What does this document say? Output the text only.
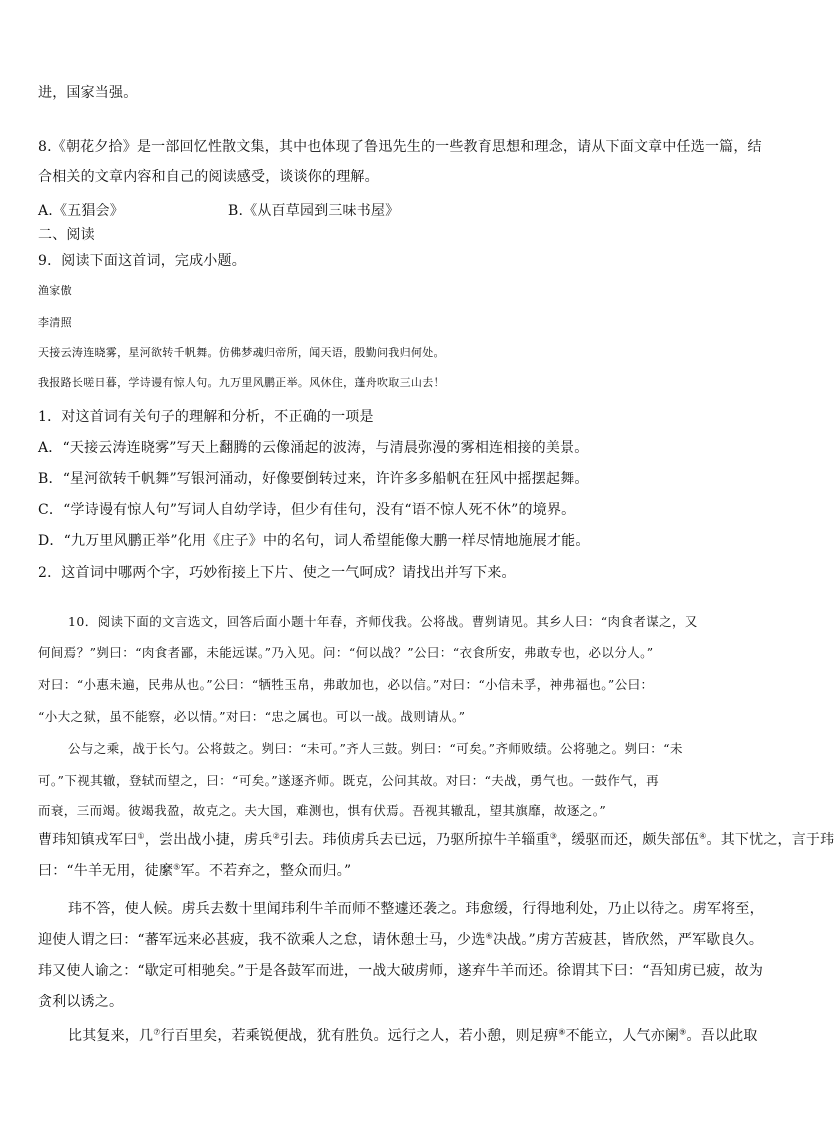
进，国家当强。
8.《朝花夕拾》是一部回忆性散文集，其中也体现了鲁迅先生的一些教育思想和理念，请从下面文章中任选一篇，结
合相关的文章内容和自己的阅读感受，谈谈你的理解。
A.《五猖会》	B.《从百草园到三味书屋》
二、阅读
9．阅读下面这首词，完成小题。
渔家傲
李清照
天接云涛连晓雾，星河欲转千帆舞。仿佛梦魂归帝所，闻天语，殷勤问我归何处。
我报路长嗟日暮，学诗谩有惊人句。九万里风鹏正举。风休住，蓬舟吹取三山去！
1．对这首词有关句子的理解和分析，不正确的一项是
A．“天接云涛连晓雾”写天上翻腾的云像涌起的波涛，与清晨弥漫的雾相连相接的美景。
B．“星河欲转千帆舞”写银河涌动，好像要倒转过来，许许多多船帆在狂风中摇摆起舞。
C．“学诗谩有惊人句”写词人自幼学诗，但少有佳句，没有“语不惊人死不休”的境界。
D．“九万里风鹏正举”化用《庄子》中的名句，词人希望能像大鹏一样尽情地施展才能。
2．这首词中哪两个字，巧妙衔接上下片、使之一气呵成？请找出并写下来。
10．阅读下面的文言选文，回答后面小题十年春，齐师伐我。公将战。曹刿请见。其乡人曰：“肉食者谋之，又
何间焉？”刿曰：“肉食者鄙，未能远谋。”乃入见。问：“何以战？”公曰：“衣食所安，弗敢专也，必以分人。”
对曰：“小惠未遍，民弗从也。”公曰：“牺牲玉帛，弗敢加也，必以信。”对曰：“小信未孚，神弗福也。”公曰：
“小大之狱，虽不能察，必以情。”对曰：“忠之属也。可以一战。战则请从。”
公与之乘，战于长勺。公将鼓之。刿曰：“未可。”齐人三鼓。刿曰：“可矣。”齐师败绩。公将驰之。刿曰：“未
可。”下视其辙，登轼而望之，曰：“可矣。”遂逐齐师。既克，公问其故。对曰：“夫战，勇气也。一鼓作气，再
而衰，三而竭。彼竭我盈，故克之。夫大国，难测也，惧有伏焉。吾视其辙乱，望其旗靡，故逐之。”
曹玮知镇戎军曰①，尝出战小捷，虏兵②引去。玮侦虏兵去已远，乃驱所掠牛羊辎重③，缓驱而还，颇失部伍④。其下忧之，言于玮
曰：“牛羊无用，徒縻⑤军。不若弃之，整众而归。”
玮不答，使人候。虏兵去数十里闻玮利牛羊而师不整遽还袭之。玮愈缓，行得地利处，乃止以待之。虏军将至，
迎使人谓之曰：“蕃军远来必甚疲，我不欲乘人之怠，请休憩士马，少选⑥决战。”虏方苦疲甚，皆欣然，严军歇良久。
玮又使人谕之：“歇定可相驰矣。”于是各鼓军而进，一战大破虏师，遂弃牛羊而还。徐谓其下曰：“吾知虏已疲，故为
贪利以诱之。
比其复来，几⑦行百里矣，若乘锐便战，犹有胜负。远行之人，若小憩，则足痹⑧不能立，人气亦阑⑨。吾以此取
